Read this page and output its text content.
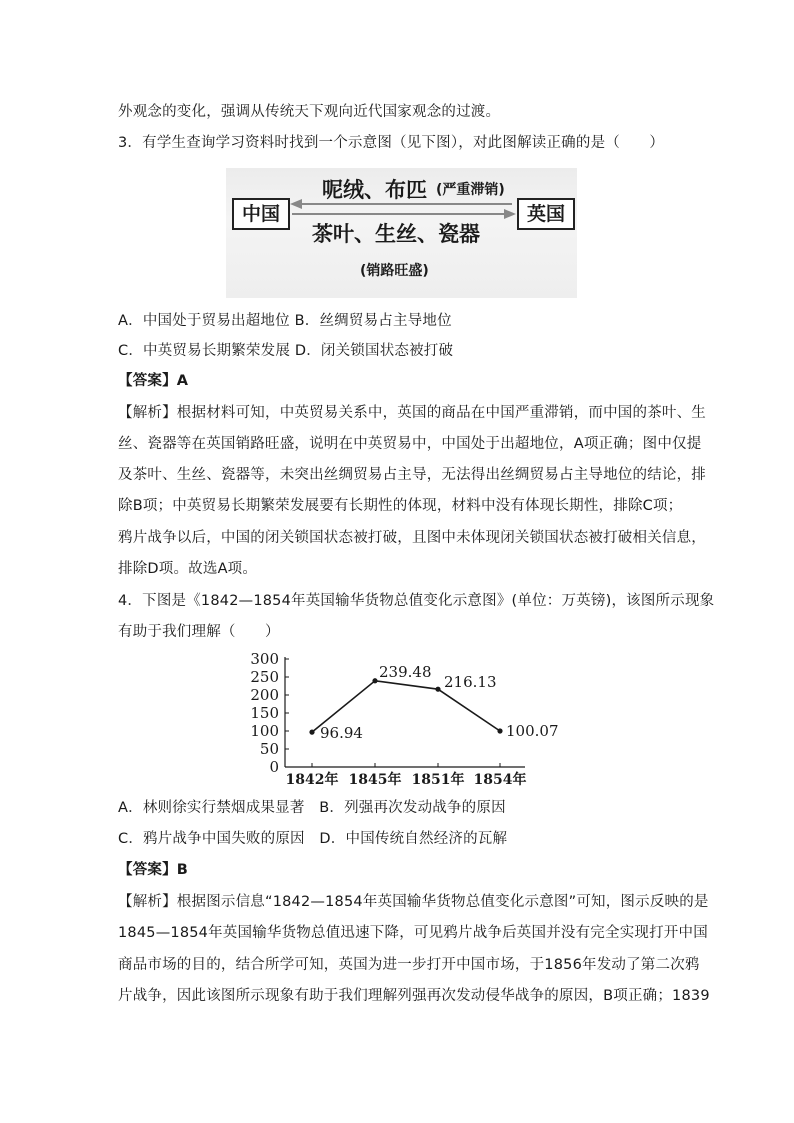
外观念的变化，强调从传统天下观向近代国家观念的过渡。
3．有学生查询学习资料时找到一个示意图（见下图），对此图解读正确的是（　　）
中国	英国
呢绒、布匹 (严重滞销)
茶叶、生丝、瓷器
(销路旺盛)
A．中国处于贸易出超地位 B．丝绸贸易占主导地位
C．中英贸易长期繁荣发展 D．闭关锁国状态被打破
【答案】A
【解析】根据材料可知，中英贸易关系中，英国的商品在中国严重滞销，而中国的茶叶、生
丝、瓷器等在英国销路旺盛，说明在中英贸易中，中国处于出超地位，A项正确；图中仅提
及茶叶、生丝、瓷器等，未突出丝绸贸易占主导，无法得出丝绸贸易占主导地位的结论，排
除B项；中英贸易长期繁荣发展要有长期性的体现，材料中没有体现长期性，排除C项；
鸦片战争以后，中国的闭关锁国状态被打破，且图中未体现闭关锁国状态被打破相关信息，
排除D项。故选A项。
4．下图是《1842—1854年英国输华货物总值变化示意图》(单位：万英镑)，该图所示现象
有助于我们理解（　　）
0
50
100
150
200
250
300
1842年 1845年 1851年 1854年
96.94
239.48
216.13
100.07
A．林则徐实行禁烟成果显著　B．列强再次发动战争的原因
C．鸦片战争中国失败的原因　D．中国传统自然经济的瓦解
【答案】B
【解析】根据图示信息“1842—1854年英国输华货物总值变化示意图”可知，图示反映的是
1845—1854年英国输华货物总值迅速下降，可见鸦片战争后英国并没有完全实现打开中国
商品市场的目的，结合所学可知，英国为进一步打开中国市场，于1856年发动了第二次鸦
片战争，因此该图所示现象有助于我们理解列强再次发动侵华战争的原因，B项正确；1839
